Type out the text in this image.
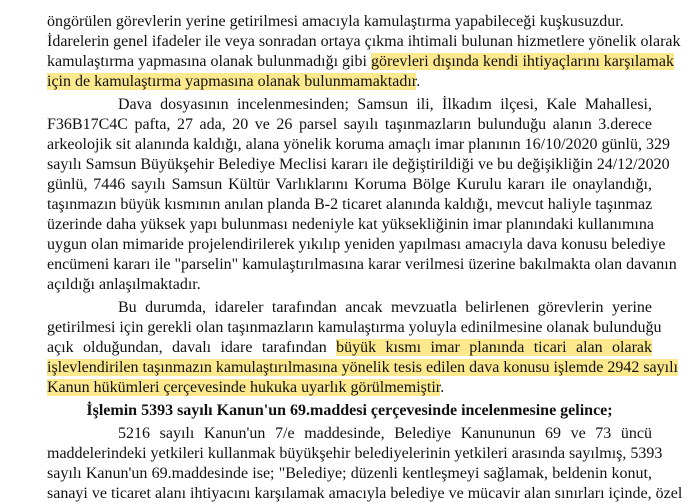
öngörülen görevlerin yerine getirilmesi amacıyla kamulaştırma yapabileceği kuşkusuzdur.
İdarelerin genel ifadeler ile veya sonradan ortaya çıkma ihtimali bulunan hizmetlere yönelik olarak
kamulaştırma yapmasına olanak bulunmadığı gibi görevleri dışında kendi ihtiyaçlarını karşılamak
için de kamulaştırma yapmasına olanak bulunmamaktadır.
Dava dosyasının incelenmesinden; Samsun ili, İlkadım ilçesi, Kale Mahallesi,
F36B17C4C pafta, 27 ada, 20 ve 26 parsel sayılı taşınmazların bulunduğu alanın 3.derece
arkeolojik sit alanında kaldığı, alana yönelik koruma amaçlı imar planının 16/10/2020 günlü, 329
sayılı Samsun Büyükşehir Belediye Meclisi kararı ile değiştirildiği ve bu değişikliğin 24/12/2020
günlü, 7446 sayılı Samsun Kültür Varlıklarını Koruma Bölge Kurulu kararı ile onaylandığı,
taşınmazın büyük kısmının anılan planda B-2 ticaret alanında kaldığı, mevcut haliyle taşınmaz
üzerinde daha yüksek yapı bulunması nedeniyle kat yüksekliğinin imar planındaki kullanımına
uygun olan mimaride projelendirilerek yıkılıp yeniden yapılması amacıyla dava konusu belediye
encümeni kararı ile "parselin" kamulaştırılmasına karar verilmesi üzerine bakılmakta olan davanın
açıldığı anlaşılmaktadır.
Bu durumda, idareler tarafından ancak mevzuatla belirlenen görevlerin yerine
getirilmesi için gerekli olan taşınmazların kamulaştırma yoluyla edinilmesine olanak bulunduğu
açık olduğundan, davalı idare tarafından büyük kısmı imar planında ticari alan olarak
işlevlendirilen taşınmazın kamulaştırılmasına yönelik tesis edilen dava konusu işlemde 2942 sayılı
Kanun hükümleri çerçevesinde hukuka uyarlık görülmemiştir.
İşlemin 5393 sayılı Kanun'un 69.maddesi çerçevesinde incelenmesine gelince;
5216 sayılı Kanun'un 7/e maddesinde, Belediye Kanununun 69 ve 73 üncü
maddelerindeki yetkileri kullanmak büyükşehir belediyelerinin yetkileri arasında sayılmış, 5393
sayılı Kanun'un 69.maddesinde ise; "Belediye; düzenli kentleşmeyi sağlamak, beldenin konut,
sanayi ve ticaret alanı ihtiyacını karşılamak amacıyla belediye ve mücavir alan sınırları içinde, özel
